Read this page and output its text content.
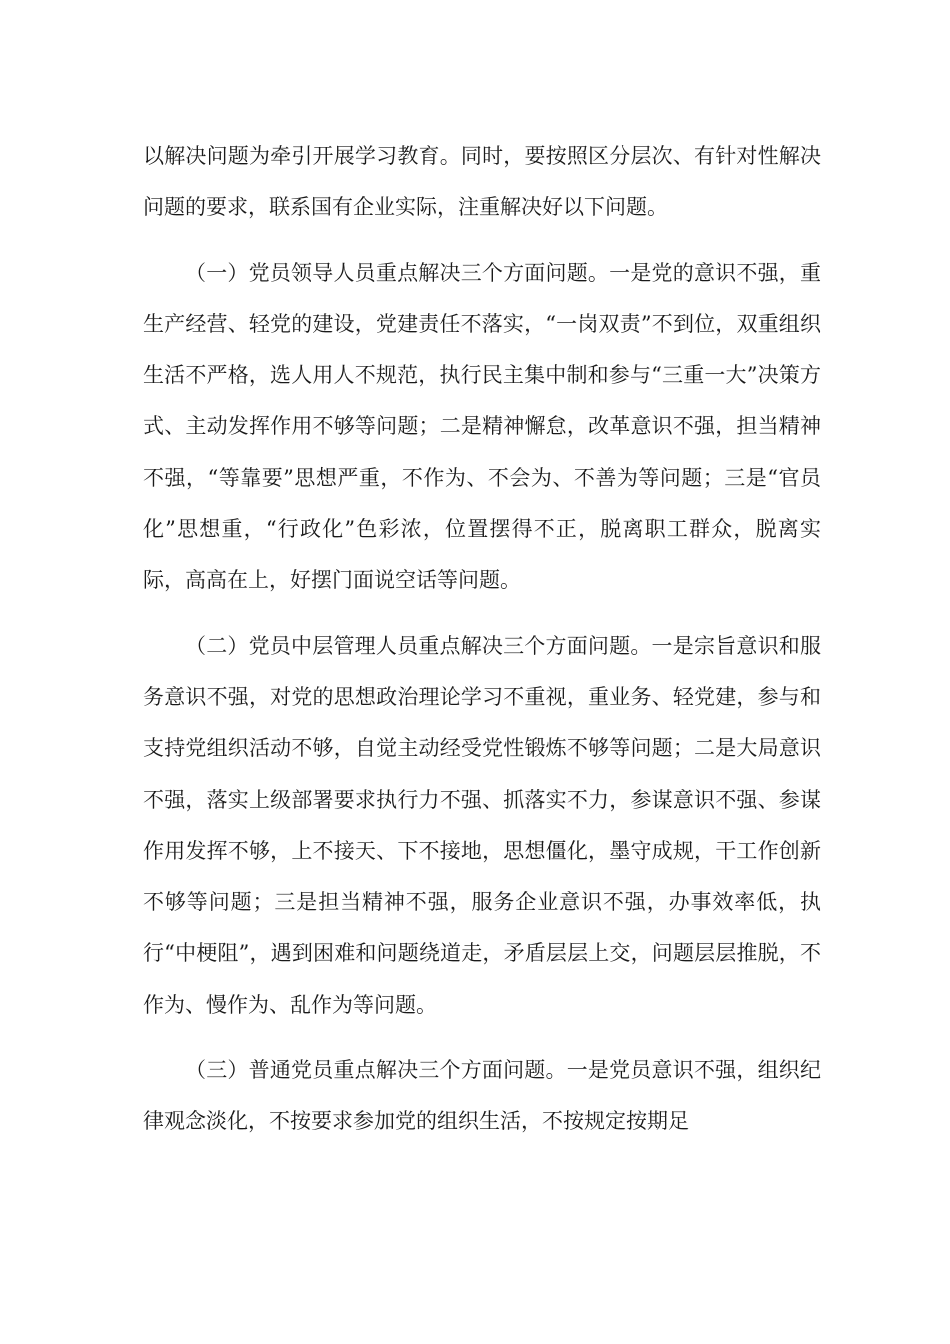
以解决问题为牵引开展学习教育。同时，要按照区分层次、有针对性解决问题的要求，联系国有企业实际，注重解决好以下问题。

（一）党员领导人员重点解决三个方面问题。一是党的意识不强，重生产经营、轻党的建设，党建责任不落实，“一岗双责”不到位，双重组织生活不严格，选人用人不规范，执行民主集中制和参与“三重一大”决策方式、主动发挥作用不够等问题；二是精神懈怠，改革意识不强，担当精神不强，“等靠要”思想严重，不作为、不会为、不善为等问题；三是“官员化”思想重，“行政化”色彩浓，位置摆得不正，脱离职工群众，脱离实际，高高在上，好摆门面说空话等问题。

（二）党员中层管理人员重点解决三个方面问题。一是宗旨意识和服务意识不强，对党的思想政治理论学习不重视，重业务、轻党建，参与和支持党组织活动不够，自觉主动经受党性锻炼不够等问题；二是大局意识不强，落实上级部署要求执行力不强、抓落实不力，参谋意识不强、参谋作用发挥不够，上不接天、下不接地，思想僵化，墨守成规，干工作创新不够等问题；三是担当精神不强，服务企业意识不强，办事效率低，执行“中梗阻”，遇到困难和问题绕道走，矛盾层层上交，问题层层推脱，不作为、慢作为、乱作为等问题。

（三）普通党员重点解决三个方面问题。一是党员意识不强，组织纪律观念淡化，不按要求参加党的组织生活，不按规定按期足
